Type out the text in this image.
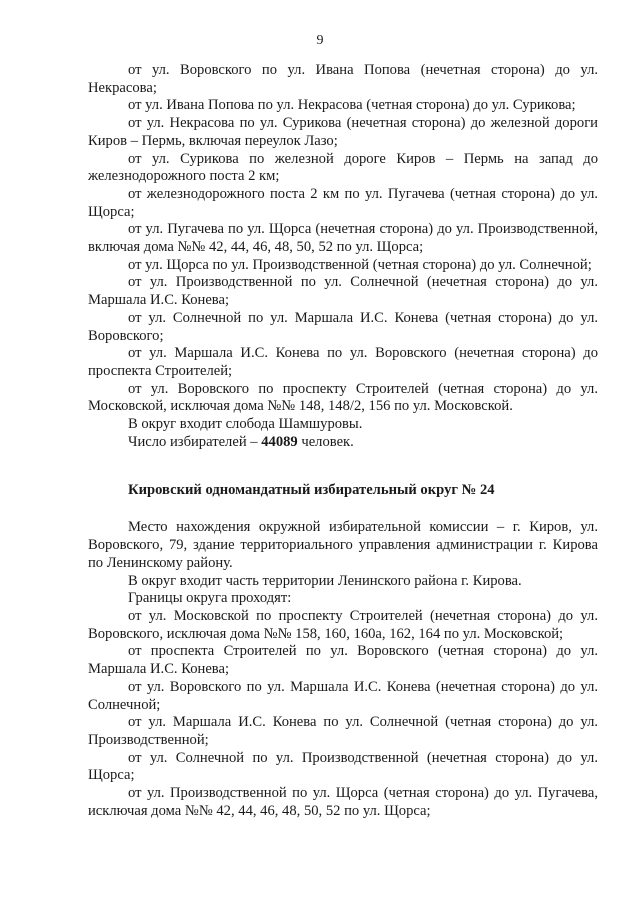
9

от ул. Воровского по ул. Ивана Попова (нечетная сторона) до ул. Некрасова;

от ул. Ивана Попова по ул. Некрасова (четная сторона) до ул. Сурикова;

от ул. Некрасова по ул. Сурикова (нечетная сторона) до железной дороги Киров – Пермь, включая переулок Лазо;

от ул. Сурикова по железной дороге Киров – Пермь на запад до железнодорожного поста 2 км;

от железнодорожного поста 2 км по ул. Пугачева (четная сторона) до ул. Щорса;

от ул. Пугачева по ул. Щорса (нечетная сторона) до ул. Производственной, включая дома №№ 42, 44, 46, 48, 50, 52 по ул. Щорса;

от ул. Щорса по ул. Производственной (четная сторона) до ул. Солнечной;

от ул. Производственной по ул. Солнечной (нечетная сторона) до ул. Маршала И.С. Конева;

от ул. Солнечной по ул. Маршала И.С. Конева (четная сторона) до ул. Воровского;

от ул. Маршала И.С. Конева по ул. Воровского (нечетная сторона) до проспекта Строителей;

от ул. Воровского по проспекту Строителей (четная сторона) до ул. Московской, исключая дома №№ 148, 148/2, 156 по ул. Московской.

В округ входит слобода Шамшуровы.

Число избирателей – 44089 человек.

Кировский одномандатный избирательный округ № 24

Место нахождения окружной избирательной комиссии – г. Киров, ул. Воровского, 79, здание территориального управления администрации г. Кирова по Ленинскому району.

В округ входит часть территории Ленинского района г. Кирова.

Границы округа проходят:

от ул. Московской по проспекту Строителей (нечетная сторона) до ул. Воровского, исключая дома №№ 158, 160, 160а, 162, 164 по ул. Московской;

от проспекта Строителей по ул. Воровского (четная сторона) до ул. Маршала И.С. Конева;

от ул. Воровского по ул. Маршала И.С. Конева (нечетная сторона) до ул. Солнечной;

от ул. Маршала И.С. Конева по ул. Солнечной (четная сторона) до ул. Производственной;

от ул. Солнечной по ул. Производственной (нечетная сторона) до ул. Щорса;

от ул. Производственной по ул. Щорса (четная сторона) до ул. Пугачева, исключая дома №№ 42, 44, 46, 48, 50, 52 по ул. Щорса;
